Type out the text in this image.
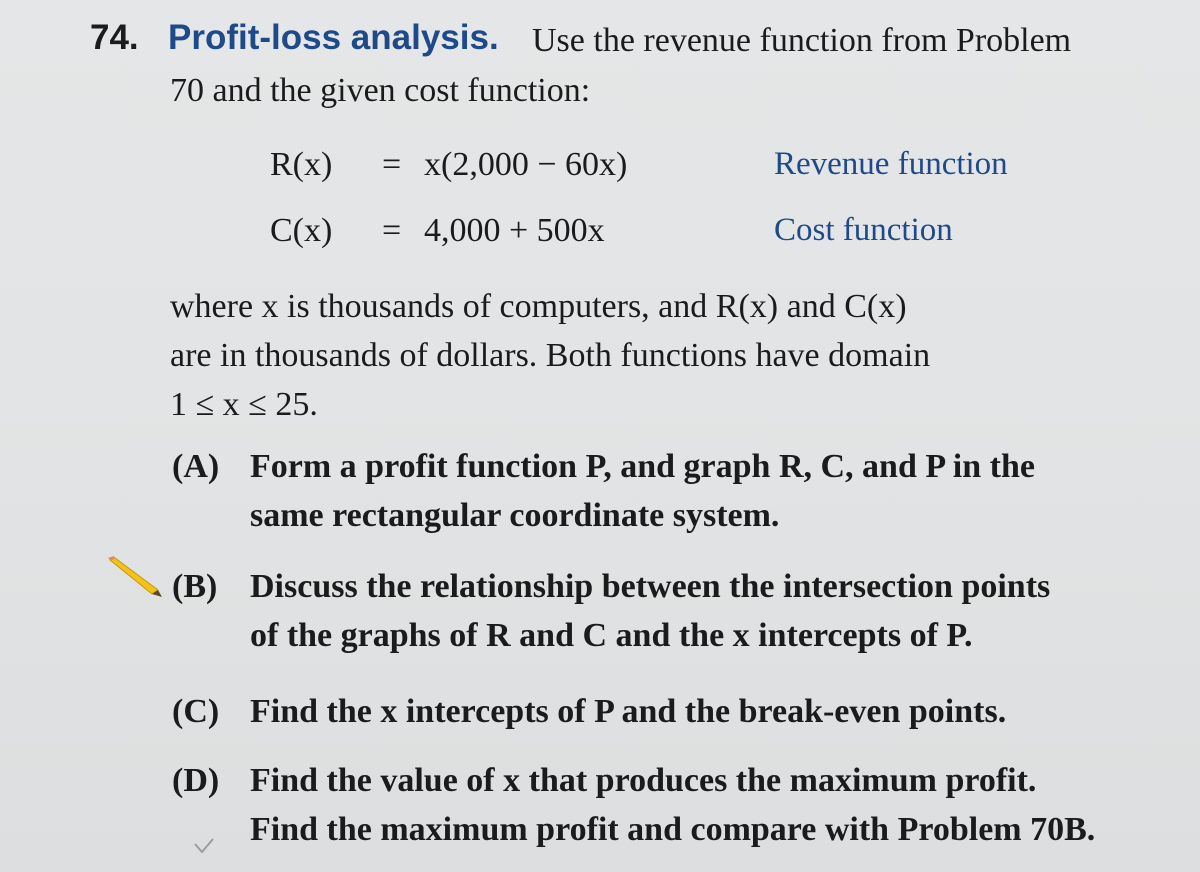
74. Profit-loss analysis. Use the revenue function from Problem
70 and the given cost function:
R(x) = x(2,000 − 60x)	Revenue function
C(x) = 4,000 + 500x	Cost function
where x is thousands of computers, and R(x) and C(x)
are in thousands of dollars. Both functions have domain
1 ≤ x ≤ 25.
(A) Form a profit function P, and graph R, C, and P in the
same rectangular coordinate system.
(B) Discuss the relationship between the intersection points
of the graphs of R and C and the x intercepts of P.
(C) Find the x intercepts of P and the break-even points.
(D) Find the value of x that produces the maximum profit.
Find the maximum profit and compare with Problem 70B.
